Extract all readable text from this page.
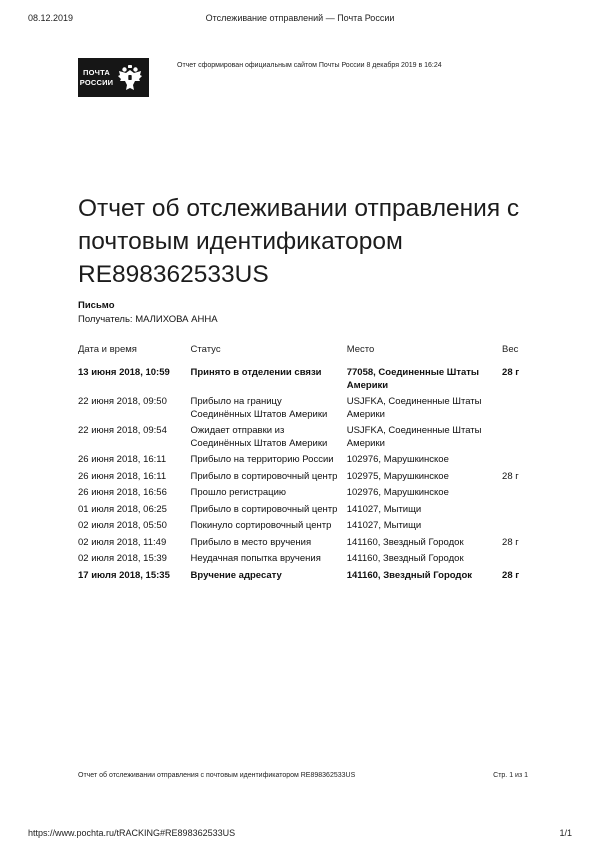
08.12.2019	Отслеживание отправлений — Почта России
ПОЧТА
РОССИИ
Отчет сформирован официальным сайтом Почты России 8 декабря 2019 в 16:24
Отчет об отслеживании отправления с почтовым идентификатором RE898362533US
Письмо
Получатель: МАЛИХОВА АННА
Дата и время	Статус	Место	Вес
13 июня 2018, 10:59	Принято в отделении связи	77058, Соединенные Штаты Америки	28 г
22 июня 2018, 09:50	Прибыло на границу Соединённых Штатов Америки	USJFKA, Соединенные Штаты Америки	
22 июня 2018, 09:54	Ожидает отправки из Соединённых Штатов Америки	USJFKA, Соединенные Штаты Америки	
26 июня 2018, 16:11	Прибыло на территорию России	102976, Марушкинское	
26 июня 2018, 16:11	Прибыло в сортировочный центр	102975, Марушкинское	28 г
26 июня 2018, 16:56	Прошло регистрацию	102976, Марушкинское	
01 июля 2018, 06:25	Прибыло в сортировочный центр	141027, Мытищи	
02 июля 2018, 05:50	Покинуло сортировочный центр	141027, Мытищи	
02 июля 2018, 11:49	Прибыло в место вручения	141160, Звездный Городок	28 г
02 июля 2018, 15:39	Неудачная попытка вручения	141160, Звездный Городок	
17 июля 2018, 15:35	Вручение адресату	141160, Звездный Городок	28 г
Отчет об отслеживании отправления с почтовым идентификатором RE898362533US	Стр. 1 из 1
https://www.pochta.ru/tRACKING#RE898362533US	1/1
